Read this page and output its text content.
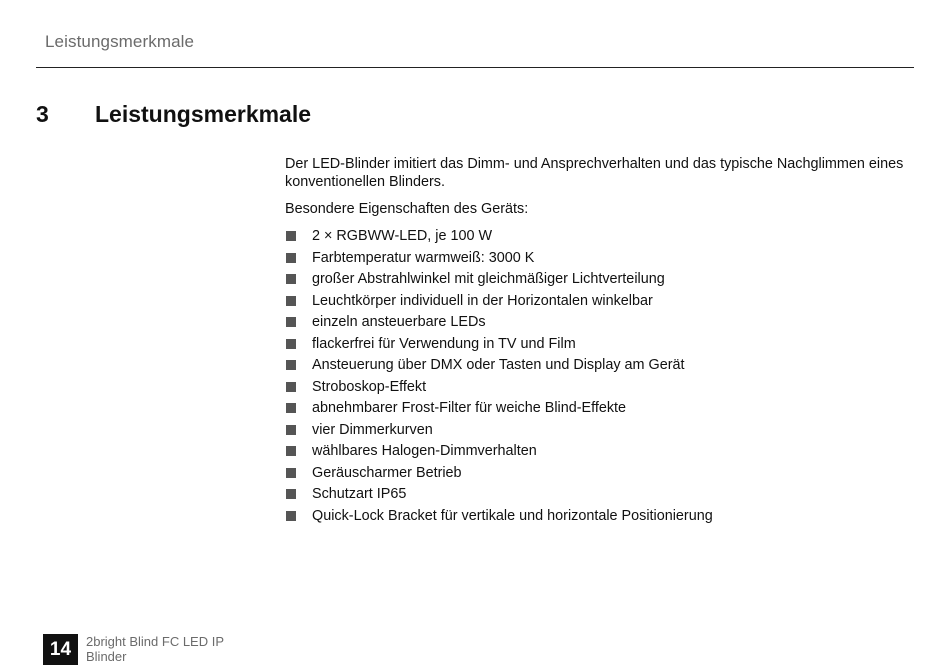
Leistungsmerkmale
3 Leistungsmerkmale

Der LED-Blinder imitiert das Dimm- und Ansprechverhalten und das typische Nachglimmen eines konventionellen Blinders.

Besondere Eigenschaften des Geräts:

2 × RGBWW-LED, je 100 W
Farbtemperatur warmweiß: 3000 K
großer Abstrahlwinkel mit gleichmäßiger Lichtverteilung
Leuchtkörper individuell in der Horizontalen winkelbar
einzeln ansteuerbare LEDs
flackerfrei für Verwendung in TV und Film
Ansteuerung über DMX oder Tasten und Display am Gerät
Stroboskop-Effekt
abnehmbarer Frost-Filter für weiche Blind-Effekte
vier Dimmerkurven
wählbares Halogen-Dimmverhalten
Geräuscharmer Betrieb
Schutzart IP65
Quick-Lock Bracket für vertikale und horizontale Positionierung
14	2bright Blind FC LED IP Blinder
